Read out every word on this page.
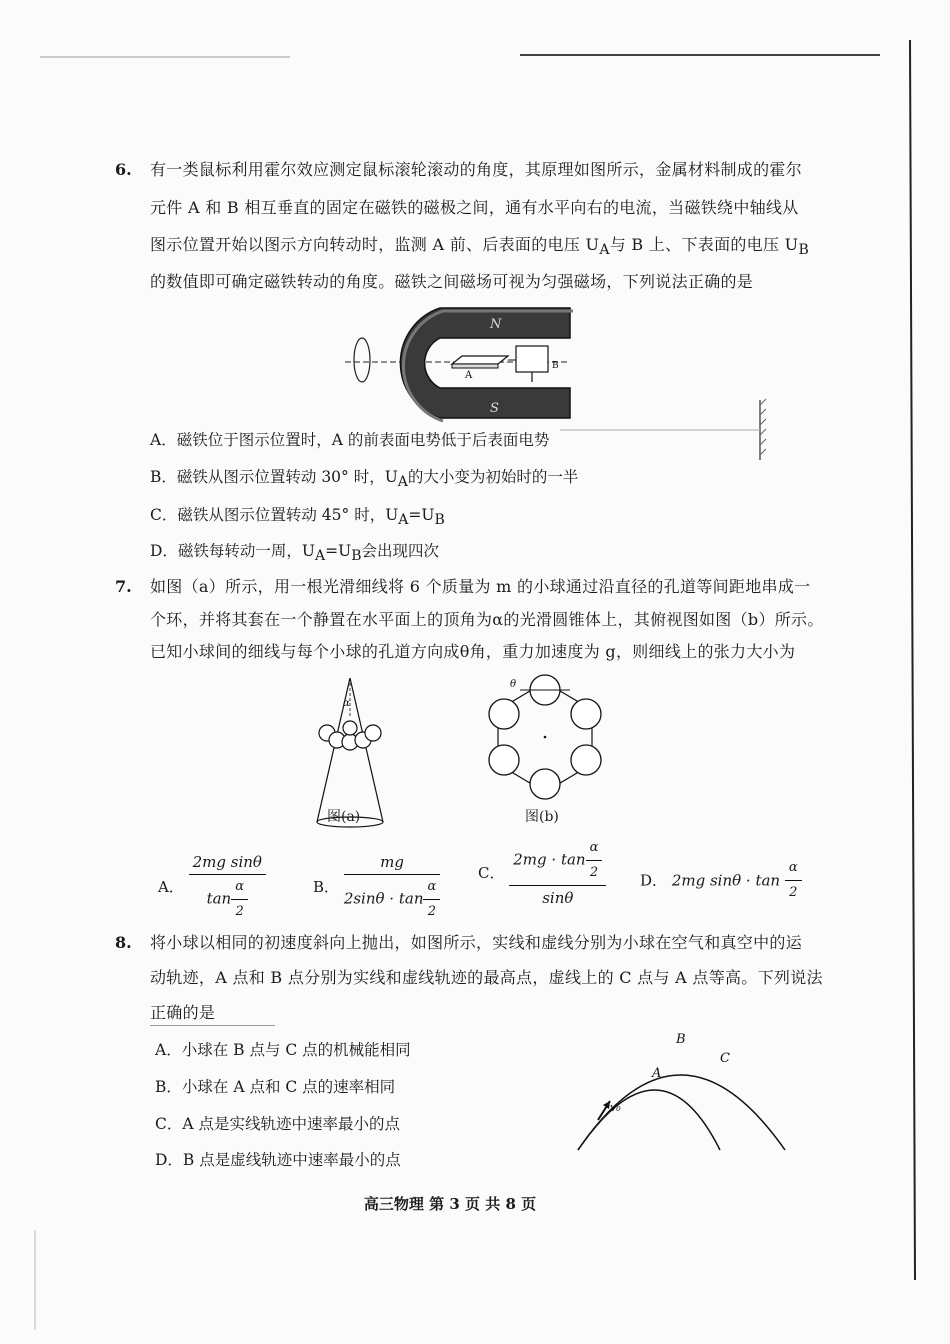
6. 有一类鼠标利用霍尔效应测定鼠标滚轮滚动的角度，其原理如图所示，金属材料制成的霍尔
元件 A 和 B 相互垂直的固定在磁铁的磁极之间，通有水平向右的电流，当磁铁绕中轴线从
图示位置开始以图示方向转动时，监测 A 前、后表面的电压 $U_A$与 B 上、下表面的电压 $U_B$
的数值即可确定磁铁转动的角度。磁铁之间磁场可视为匀强磁场，下列说法正确的是
N
S
A
B
A．磁铁位于图示位置时，A 的前表面电势低于后表面电势
B．磁铁从图示位置转动 30° 时，$U_A$的大小变为初始时的一半
C．磁铁从图示位置转动 45° 时，$U_A=U_B$
D．磁铁每转动一周，$U_A=U_B$会出现四次
7. 如图（a）所示，用一根光滑细线将 6 个质量为 m 的小球通过沿直径的孔道等间距地串成一
个环，并将其套在一个静置在水平面上的顶角为α的光滑圆锥体上，其俯视图如图（b）所示。
已知小球间的细线与每个小球的孔道方向成θ角，重力加速度为 g，则细线上的张力大小为
α
图(a)
θ
图(b)
A． $\frac{\text{2mg sinθ}}{\tan \frac{\alpha}{2}}$	B． $\frac{mg}{2\sin\theta \cdot \tan \frac{\alpha}{2}}$	C． $\frac{2mg \cdot \tan \frac{\alpha}{2}}{\sin\theta}$ D． 2mg $\sin\theta \cdot \tan \frac{\alpha}{2}$
8. 将小球以相同的初速度斜向上抛出，如图所示，实线和虚线分别为小球在空气和真空中的运
动轨迹，A 点和 B 点分别为实线和虚线轨迹的最高点，虚线上的 C 点与 A 点等高。下列说法
正确的是
A．小球在 B 点与 C 点的机械能相同
B．小球在 A 点和 C 点的速率相同
C．A 点是实线轨迹中速率最小的点
D．B 点是虚线轨迹中速率最小的点
v₀
B
A
C
高三物理 第 3 页 共 8 页
